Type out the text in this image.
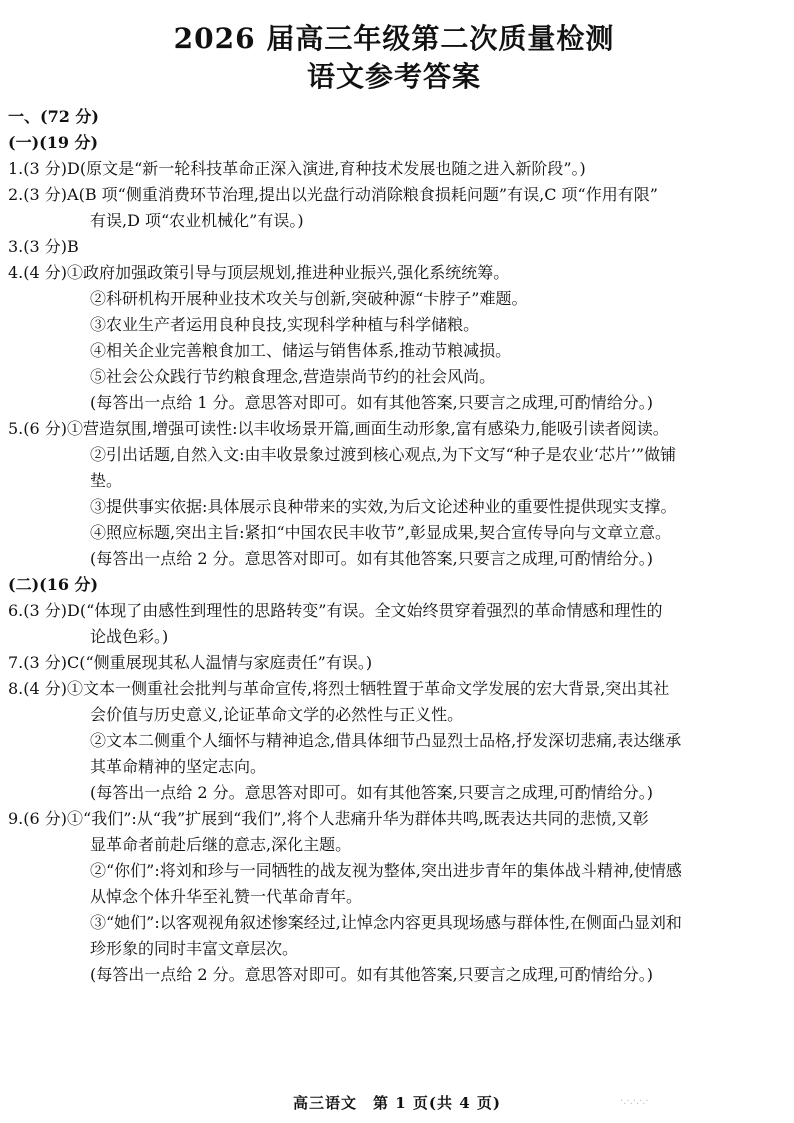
2026 届高三年级第二次质量检测
语文参考答案
一、(72 分)
(一)(19 分)
1.(3 分)D(原文是“新一轮科技革命正深入演进,育种技术发展也随之进入新阶段”。)
2.(3 分)A(B 项“侧重消费环节治理,提出以光盘行动消除粮食损耗问题”有误,C 项“作用有限”
有误,D 项“农业机械化”有误。)
3.(3 分)B
4.(4 分)①政府加强政策引导与顶层规划,推进种业振兴,强化系统统筹。
②科研机构开展种业技术攻关与创新,突破种源“卡脖子”难题。
③农业生产者运用良种良技,实现科学种植与科学储粮。
④相关企业完善粮食加工、储运与销售体系,推动节粮减损。
⑤社会公众践行节约粮食理念,营造崇尚节约的社会风尚。
(每答出一点给 1 分。意思答对即可。如有其他答案,只要言之成理,可酌情给分。)
5.(6 分)①营造氛围,增强可读性:以丰收场景开篇,画面生动形象,富有感染力,能吸引读者阅读。
②引出话题,自然入文:由丰收景象过渡到核心观点,为下文写“种子是农业‘芯片’”做铺
垫。
③提供事实依据:具体展示良种带来的实效,为后文论述种业的重要性提供现实支撑。
④照应标题,突出主旨:紧扣“中国农民丰收节”,彰显成果,契合宣传导向与文章立意。
(每答出一点给 2 分。意思答对即可。如有其他答案,只要言之成理,可酌情给分。)
(二)(16 分)
6.(3 分)D(“体现了由感性到理性的思路转变”有误。全文始终贯穿着强烈的革命情感和理性的
论战色彩。)
7.(3 分)C(“侧重展现其私人温情与家庭责任”有误。)
8.(4 分)①文本一侧重社会批判与革命宣传,将烈士牺牲置于革命文学发展的宏大背景,突出其社
会价值与历史意义,论证革命文学的必然性与正义性。
②文本二侧重个人缅怀与精神追念,借具体细节凸显烈士品格,抒发深切悲痛,表达继承
其革命精神的坚定志向。
(每答出一点给 2 分。意思答对即可。如有其他答案,只要言之成理,可酌情给分。)
9.(6 分)①“我们”:从“我”扩展到“我们”,将个人悲痛升华为群体共鸣,既表达共同的悲愤,又彰
显革命者前赴后继的意志,深化主题。
②“你们”:将刘和珍与一同牺牲的战友视为整体,突出进步青年的集体战斗精神,使情感
从悼念个体升华至礼赞一代革命青年。
③“她们”:以客观视角叙述惨案经过,让悼念内容更具现场感与群体性,在侧面凸显刘和
珍形象的同时丰富文章层次。
(每答出一点给 2 分。意思答对即可。如有其他答案,只要言之成理,可酌情给分。)
高三语文　第 1 页(共 4 页)	·.·.·.·.·
